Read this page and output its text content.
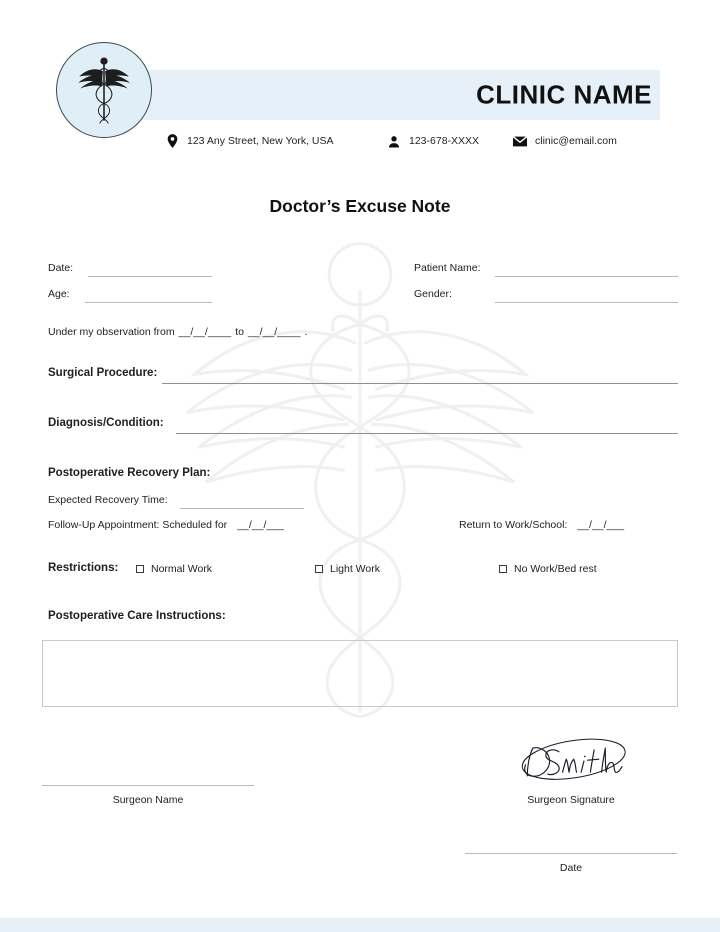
CLINIC NAME
123 Any Street, New York, USA	123-678-XXXX	clinic@email.com
Doctor’s Excuse Note
Date:
Age:
Patient Name:
Gender:
Under my observation from __/__/____ to __/__/____ .
Surgical Procedure:
Diagnosis/Condition:
Postoperative Recovery Plan:
Expected Recovery Time:
Follow-Up Appointment: Scheduled for __/__/___	Return to Work/School: __/__/___
Restrictions:	Normal Work	Light Work	No Work/Bed rest
Postoperative Care Instructions:
Surgeon Name	Surgeon Signature
Date
